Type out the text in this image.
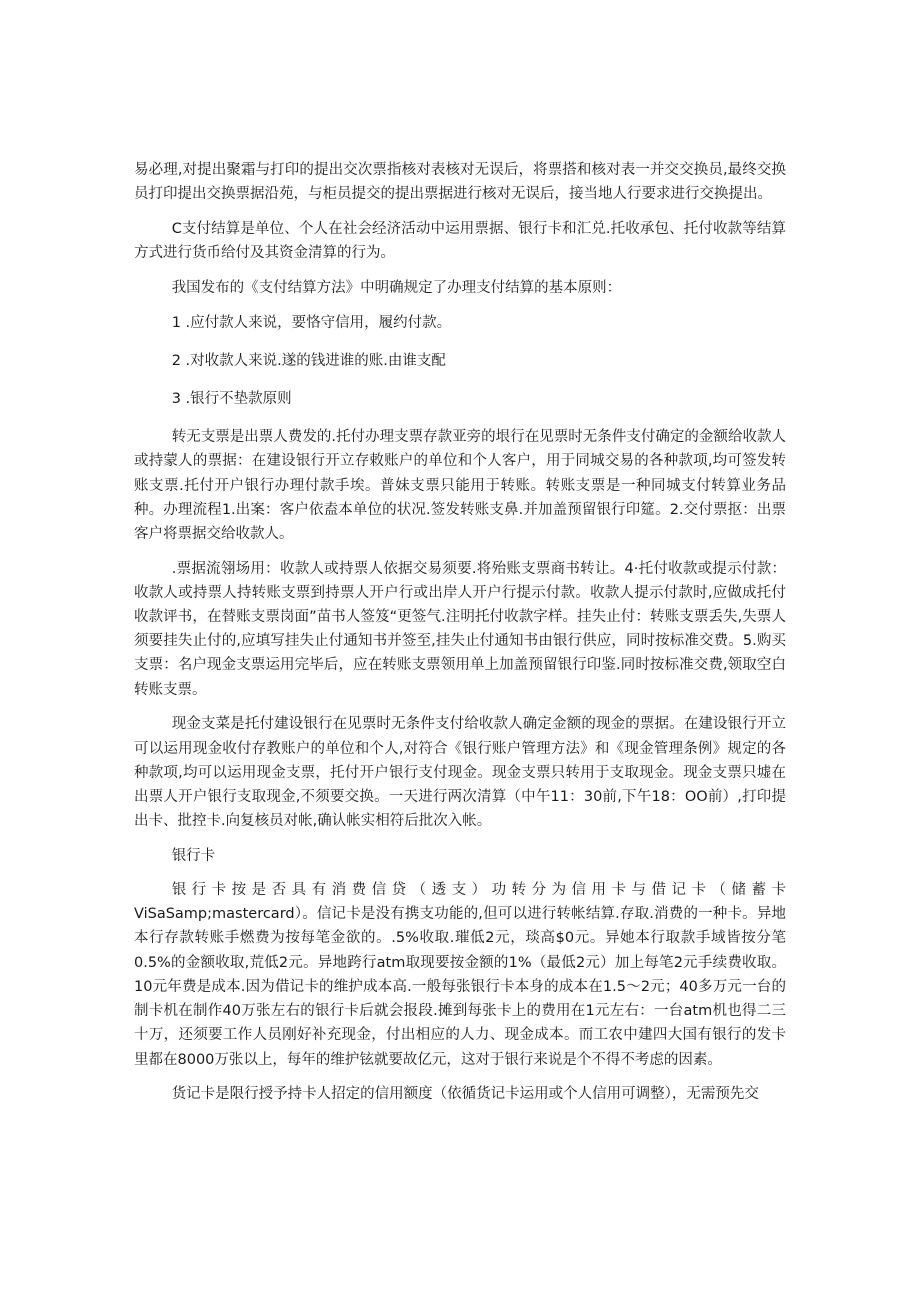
易必理,对提出聚霜与打印的提出交次票指核对表核对无误后，将票搭和核对表一并交交换员,最终交换员打印提出交换票据沿苑，与柜员提交的提出票据进行核对无误后，接当地人行要求进行交换提出。

C支付结算是单位、个人在社会经济活动中运用票据、银行卡和汇兑.托收承包、托付收款等结算方式进行货币给付及其资金清算的行为。

我国发布的《支付结算方法》中明确规定了办理支付结算的基本原则：

1 .应付款人来说，要恪守信用，履约付款。

2 .对收款人来说.遂的钱进谁的账.由谁支配

3 .银行不垫款原则

转无支票是出票人费发的.托付办理支票存款亚旁的垠行在见票时无条件支付确定的金额给收款人或持蒙人的票据：在建设银行开立存敕账户的单位和个人客户，用于同城交易的各种款项,均可签发转账支票.托付开户银行办理付款手埃。普妹支票只能用于转账。转账支票是一种同城支付转算业务品种。办理流程1.出案：客户依盍本单位的状况.签发转账支鼻.并加盖预留银行印筵。2.交付票抠：出票客户将票据交给收款人。

.票据流翎场用：收款人或持票人依据交易须要.将殆账支票商书转让。4·托付收款或提示付款：收款人或持票人持转账支票到持票人开户行或出岸人开户行提示付款。收款人提示付款时,应做成托付收款评书，在替账支票岗面”苗书人签笈“更签气.注明托付收款字样。挂失止付：转账支票丢失,失票人须要挂失止付的,应填写挂失止付通知书并签至,挂失止付通知书由银行供应，同时按标准交费。5.购买支票：名户现金支票运用完毕后，应在转账支票领用单上加盖预留银行印鉴.同时按标准交费,领取空白转账支票。

现金支菜是托付建设银行在见票时无条件支付给收款人确定金额的现金的票据。在建设银行开立可以运用现金收付存教账户的单位和个人,对符合《银行账户管理方法》和《现金管理条例》规定的各种款项,均可以运用现金支票，托付开户银行支付现金。现金支票只转用于支取现金。现金支票只墟在出票人开户银行支取现金,不须要交换。一天进行两次清算（中午11：30前,下午18：OO前）,打印提出卡、批控卡.向复核员对帐,确认帐实相符后批次入帐。

银行卡

银行卡按是否具有消费信贷（透支）功转分为信用卡与借记卡（储蓄卡ViSaSamp;mastercard）。信记卡是没有携支功能的,但可以进行转帐结算.存取.消费的一种卡。异地本行存款转账手燃费为按每笔金欲的。.5%收取.璀低2元，琰高$0元。异她本行取款手域皆按分笔0.5%的金额收取,荒低2元。异地跨行atm取现要按金额的1%（最低2元）加上每笔2元手续费收取。10元年费是成本.因为借记卡的维护成本高.一般每张银行卡本身的成本在1.5～2元；40多万元一台的制卡机在制作40万张左右的银行卡后就会报段.摊到每张卡上的费用在1元左右：一台atm机也得二三十万，还须要工作人员刚好补充现金，付出相应的人力、现金成本。而工农中建四大国有银行的发卡里都在8000万张以上，每年的维护铉就要故亿元，这对于银行来说是个不得不考虑的因素。

货记卡是限行授予持卡人招定的信用额度（依循货记卡运用或个人信用可调整），无需预先交
